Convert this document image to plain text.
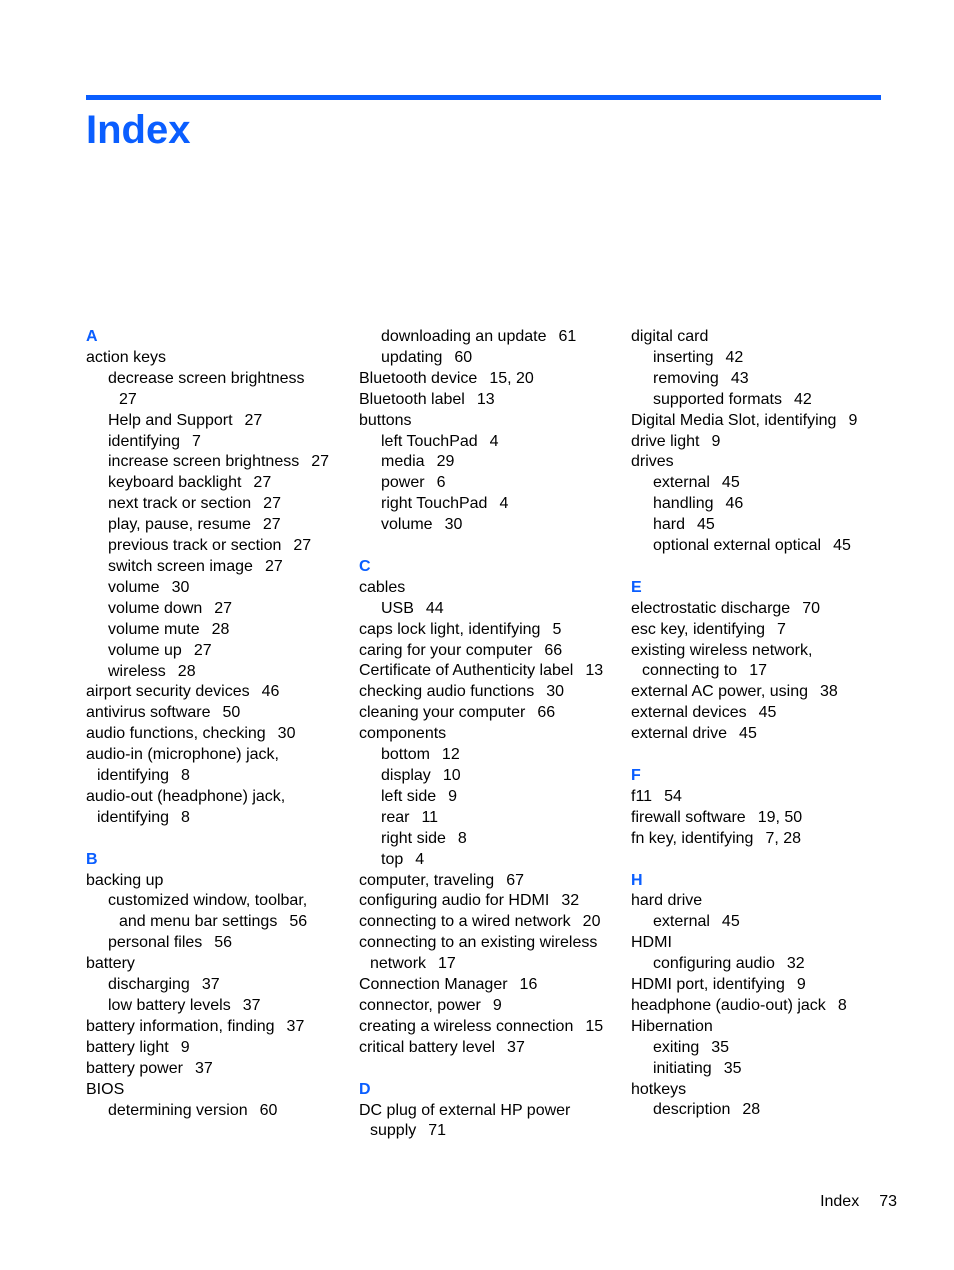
Index
A
action keys
decrease screen brightness
27
Help and Support 27
identifying 7
increase screen brightness 27
keyboard backlight 27
next track or section 27
play, pause, resume 27
previous track or section 27
switch screen image 27
volume 30
volume down 27
volume mute 28
volume up 27
wireless 28
airport security devices 46
antivirus software 50
audio functions, checking 30
audio-in (microphone) jack,
identifying 8
audio-out (headphone) jack,
identifying 8
B
backing up
customized window, toolbar,
and menu bar settings 56
personal files 56
battery
discharging 37
low battery levels 37
battery information, finding 37
battery light 9
battery power 37
BIOS
determining version 60
downloading an update 61
updating 60
Bluetooth device 15, 20
Bluetooth label 13
buttons
left TouchPad 4
media 29
power 6
right TouchPad 4
volume 30
C
cables
USB 44
caps lock light, identifying 5
caring for your computer 66
Certificate of Authenticity label 13
checking audio functions 30
cleaning your computer 66
components
bottom 12
display 10
left side 9
rear 11
right side 8
top 4
computer, traveling 67
configuring audio for HDMI 32
connecting to a wired network 20
connecting to an existing wireless
network 17
Connection Manager 16
connector, power 9
creating a wireless connection 15
critical battery level 37
D
DC plug of external HP power
supply 71
digital card
inserting 42
removing 43
supported formats 42
Digital Media Slot, identifying 9
drive light 9
drives
external 45
handling 46
hard 45
optional external optical 45
E
electrostatic discharge 70
esc key, identifying 7
existing wireless network,
connecting to 17
external AC power, using 38
external devices 45
external drive 45
F
f11 54
firewall software 19, 50
fn key, identifying 7, 28
H
hard drive
external 45
HDMI
configuring audio 32
HDMI port, identifying 9
headphone (audio-out) jack 8
Hibernation
exiting 35
initiating 35
hotkeys
description 28
Index 73
